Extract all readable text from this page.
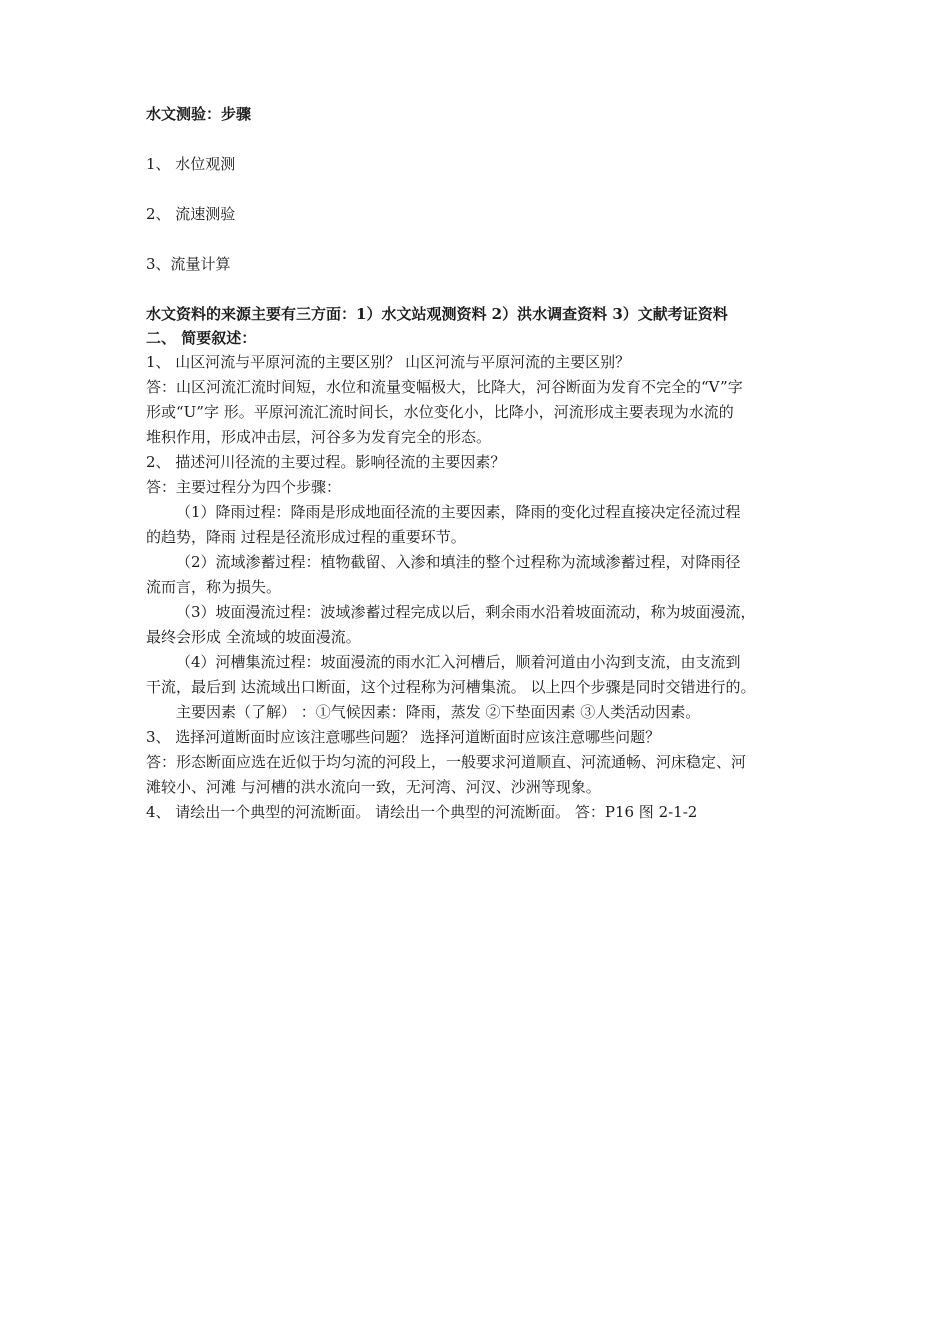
水文测验：步骤
1、 水位观测
2、 流速测验
3、流量计算
水文资料的来源主要有三方面：1）水文站观测资料 2）洪水调查资料 3）文献考证资料
二、 简要叙述：
1、 山区河流与平原河流的主要区别？ 山区河流与平原河流的主要区别？
答：山区河流汇流时间短，水位和流量变幅极大，比降大，河谷断面为发育不完全的“V”字
形或“U”字 形。平原河流汇流时间长，水位变化小，比降小，河流形成主要表现为水流的
堆积作用，形成冲击层，河谷多为发育完全的形态。
2、 描述河川径流的主要过程。影响径流的主要因素？
答：主要过程分为四个步骤：
（1）降雨过程：降雨是形成地面径流的主要因素，降雨的变化过程直接决定径流过程
的趋势，降雨 过程是径流形成过程的重要环节。
（2）流域渗蓄过程：植物截留、入渗和填洼的整个过程称为流域渗蓄过程，对降雨径
流而言，称为损失。
（3）坡面漫流过程：波域渗蓄过程完成以后，剩余雨水沿着坡面流动，称为坡面漫流，
最终会形成 全流域的坡面漫流。
（4）河槽集流过程：坡面漫流的雨水汇入河槽后，顺着河道由小沟到支流，由支流到
干流，最后到 达流域出口断面，这个过程称为河槽集流。 以上四个步骤是同时交错进行的。
主要因素（了解） ：①气候因素：降雨，蒸发 ②下垫面因素 ③人类活动因素。
3、 选择河道断面时应该注意哪些问题？ 选择河道断面时应该注意哪些问题？
答：形态断面应选在近似于均匀流的河段上，一般要求河道顺直、河流通畅、河床稳定、河
滩较小、河滩 与河槽的洪水流向一致，无河湾、河汊、沙洲等现象。
4、 请绘出一个典型的河流断面。 请绘出一个典型的河流断面。 答：P16 图 2-1-2
